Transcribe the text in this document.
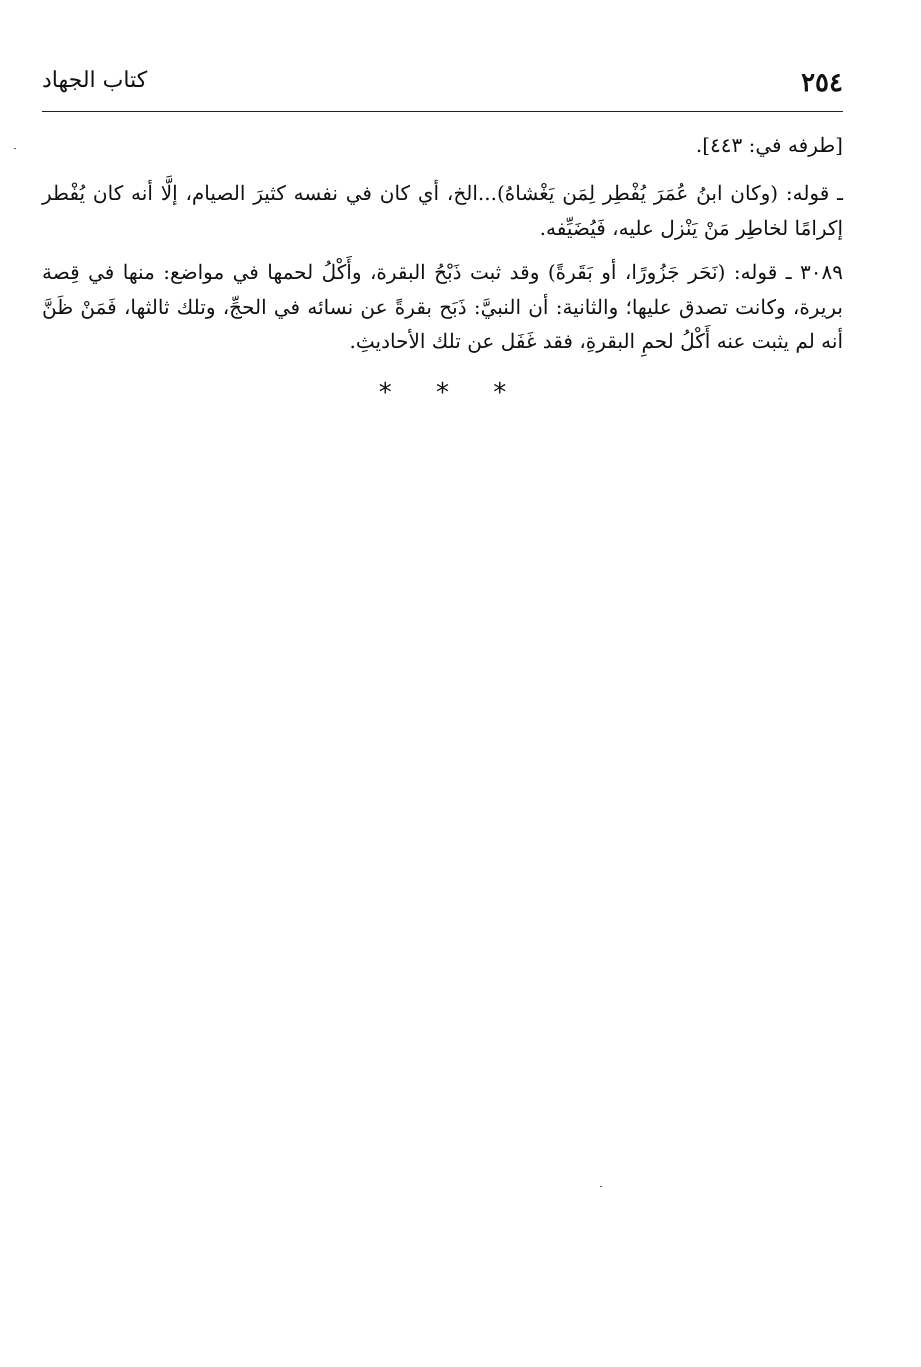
٢٥٤
كتاب الجهاد

[طرفه في: ٤٤٣].

ـ قوله: (وكان ابنُ عُمَرَ يُفْطِر لِمَن يَغْشاهُ)...الخ، أي كان في نفسه كثيرَ الصيام، إلَّا أنه كان يُفْطر إكرامًا لخاطِر مَنْ يَنْزل عليه، فَيُضَيِّفه.

٣٠٨٩ ـ قوله: (نَحَر جَزُورًا، أو بَقَرةً) وقد ثبت ذَبْحُ البقرة، وأَكْلُ لحمها في مواضع: منها في قِصة بريرة، وكانت تصدق عليها؛ والثانية: أن النبيَّ: ذَبَح بقرةً عن نسائه في الحجِّ، وتلك ثالثها، فَمَنْ ظَنَّ أنه لم يثبت عنه أَكْلُ لحمِ البقرةِ، فقد غَفَل عن تلك الأحاديثِ.

* * *
